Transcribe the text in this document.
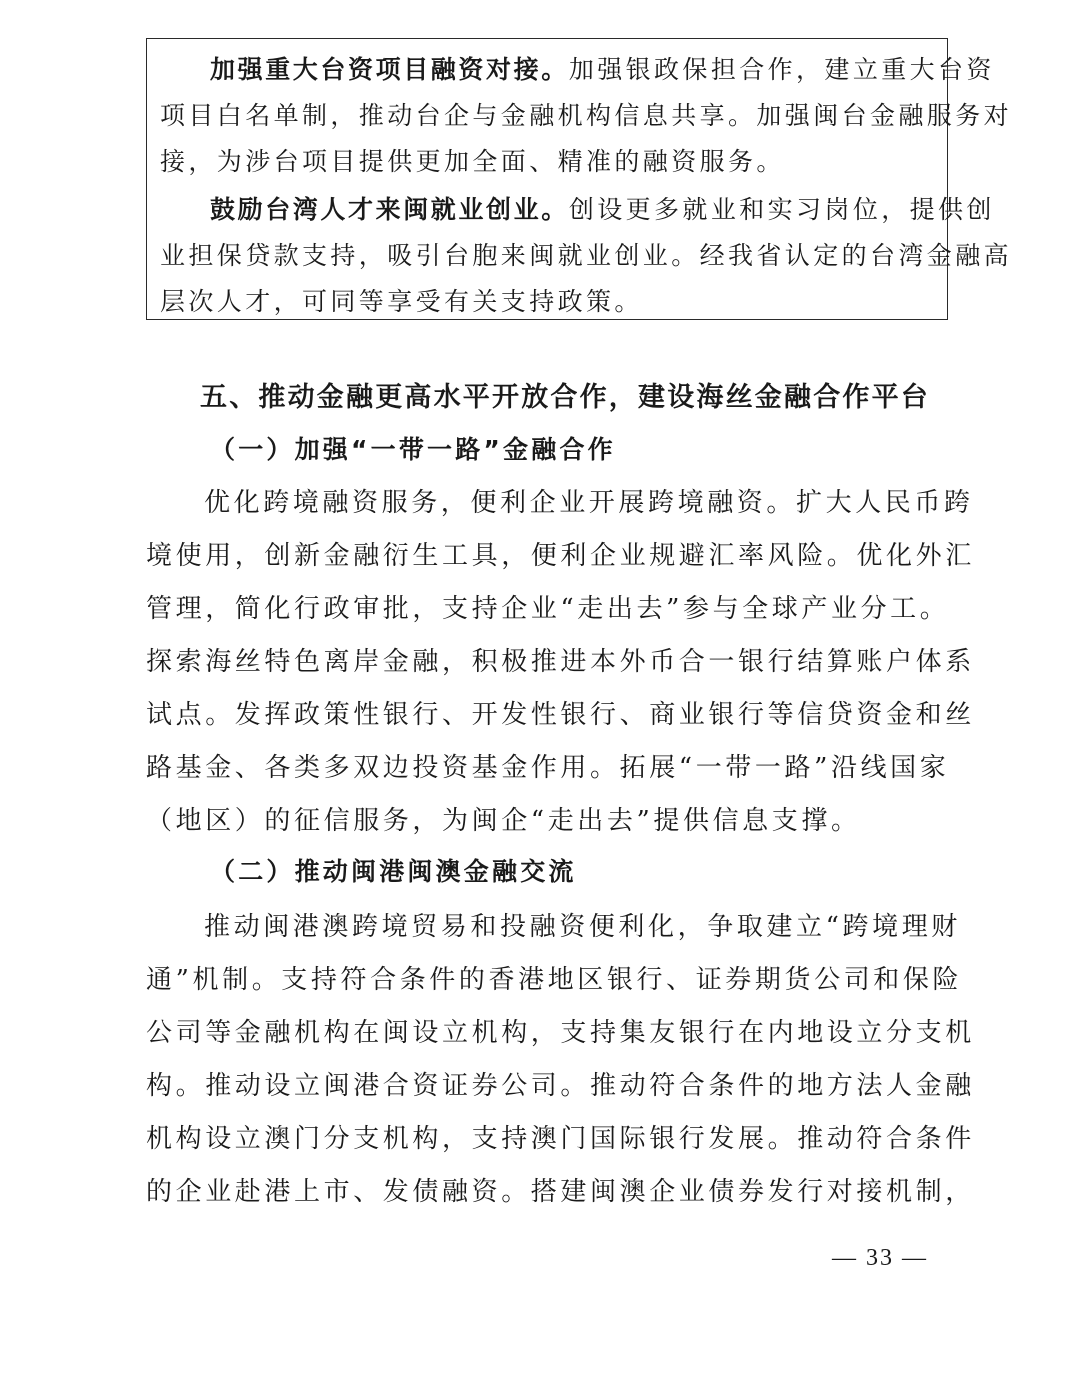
加强重大台资项目融资对接。加强银政保担合作，建立重大台资
项目白名单制，推动台企与金融机构信息共享。加强闽台金融服务对
接，为涉台项目提供更加全面、精准的融资服务。
鼓励台湾人才来闽就业创业。创设更多就业和实习岗位，提供创
业担保贷款支持，吸引台胞来闽就业创业。经我省认定的台湾金融高
层次人才，可同等享受有关支持政策。
五、推动金融更高水平开放合作，建设海丝金融合作平台
（一）加强“一带一路”金融合作
优化跨境融资服务，便利企业开展跨境融资。扩大人民币跨
境使用，创新金融衍生工具，便利企业规避汇率风险。优化外汇
管理，简化行政审批，支持企业“走出去”参与全球产业分工。
探索海丝特色离岸金融，积极推进本外币合一银行结算账户体系
试点。发挥政策性银行、开发性银行、商业银行等信贷资金和丝
路基金、各类多双边投资基金作用。拓展“一带一路”沿线国家
（地区）的征信服务，为闽企“走出去”提供信息支撑。
（二）推动闽港闽澳金融交流
推动闽港澳跨境贸易和投融资便利化，争取建立“跨境理财
通”机制。支持符合条件的香港地区银行、证券期货公司和保险
公司等金融机构在闽设立机构，支持集友银行在内地设立分支机
构。推动设立闽港合资证券公司。推动符合条件的地方法人金融
机构设立澳门分支机构，支持澳门国际银行发展。推动符合条件
的企业赴港上市、发债融资。搭建闽澳企业债券发行对接机制，
— 33 —
